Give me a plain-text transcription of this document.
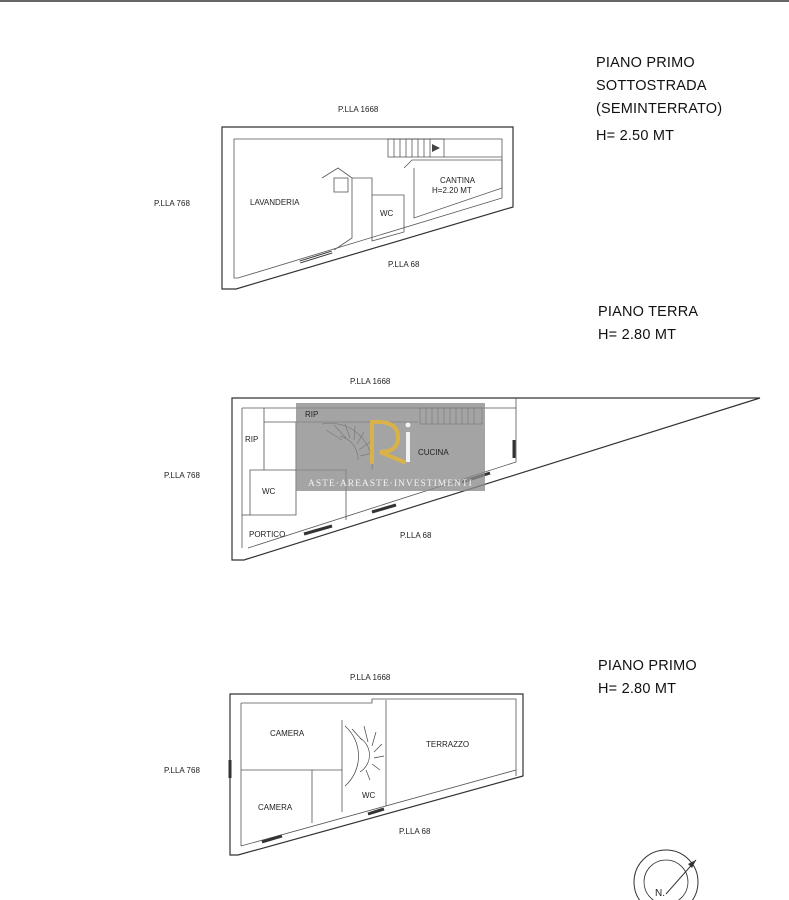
PIANO PRIMO
SOTTOSTRADA
(SEMINTERRATO)
H= 2.50 MT
PIANO TERRA
H= 2.80 MT
PIANO PRIMO
H= 2.80 MT
P.LLA 1668
P.LLA 768
P.LLA 68
LAVANDERIA
WC
CANTINA
H=2.20 MT
ASTE·AREASTE·INVESTIMENTI
P.LLA 1668
P.LLA 768
P.LLA 68
RIP
RIP
CUCINA
WC
PORTICO
P.LLA 1668
P.LLA 768
P.LLA 68
CAMERA
CAMERA
TERRAZZO
WC
N.
